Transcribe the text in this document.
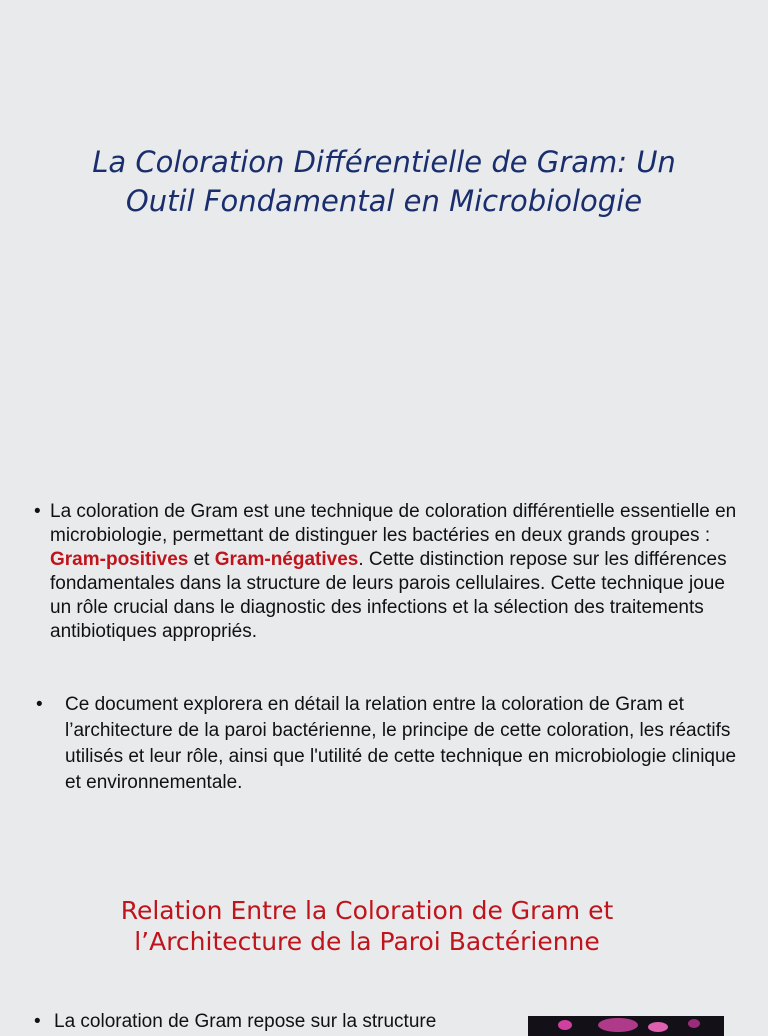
La Coloration Différentielle de Gram: Un Outil Fondamental en Microbiologie
• La coloration de Gram est une technique de coloration différentielle essentielle en microbiologie, permettant de distinguer les bactéries en deux grands groupes : Gram-positives et Gram-négatives. Cette distinction repose sur les différences fondamentales dans la structure de leurs parois cellulaires. Cette technique joue un rôle crucial dans le diagnostic des infections et la sélection des traitements antibiotiques appropriés.
• Ce document explorera en détail la relation entre la coloration de Gram et l’architecture de la paroi bactérienne, le principe de cette coloration, les réactifs utilisés et leur rôle, ainsi que l'utilité de cette technique en microbiologie clinique et environnementale.
Relation Entre la Coloration de Gram et l’Architecture de la Paroi Bactérienne
• La coloration de Gram repose sur la structure
